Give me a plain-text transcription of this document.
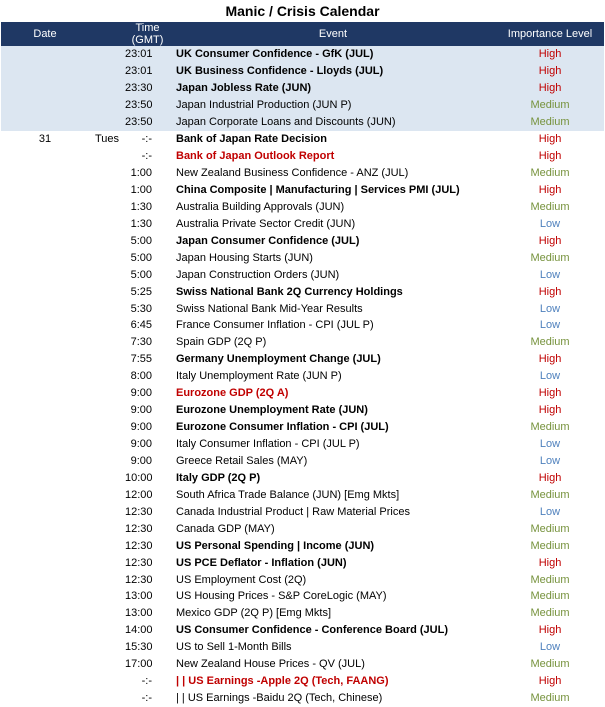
Manic / Crisis Calendar
Date		Time (GMT)	Event	Importance Level
		23:01	UK Consumer Confidence - GfK (JUL)	High
		23:01	UK Business Confidence - Lloyds (JUL)	High
		23:30	Japan Jobless Rate (JUN)	High
		23:50	Japan Industrial Production (JUN P)	Medium
		23:50	Japan Corporate Loans and Discounts (JUN)	Medium
31	Tues	-:-	Bank of Japan Rate Decision	High
		-:-	Bank of Japan Outlook Report	High
		1:00	New Zealand Business Confidence - ANZ (JUL)	Medium
		1:00	China Composite | Manufacturing | Services PMI (JUL)	High
		1:30	Australia Building Approvals (JUN)	Medium
		1:30	Australia Private Sector Credit (JUN)	Low
		5:00	Japan Consumer Confidence (JUL)	High
		5:00	Japan Housing Starts (JUN)	Medium
		5:00	Japan Construction Orders (JUN)	Low
		5:25	Swiss National Bank 2Q Currency Holdings	High
		5:30	Swiss National Bank Mid-Year Results	Low
		6:45	France Consumer Inflation - CPI (JUL P)	Low
		7:30	Spain GDP (2Q P)	Medium
		7:55	Germany Unemployment Change (JUL)	High
		8:00	Italy Unemployment Rate (JUN P)	Low
		9:00	Eurozone GDP (2Q A)	High
		9:00	Eurozone Unemployment Rate (JUN)	High
		9:00	Eurozone Consumer Inflation - CPI (JUL)	Medium
		9:00	Italy Consumer Inflation - CPI (JUL P)	Low
		9:00	Greece Retail Sales (MAY)	Low
		10:00	Italy GDP (2Q P)	High
		12:00	South Africa Trade Balance (JUN) [Emg Mkts]	Medium
		12:30	Canada Industrial Product | Raw Material Prices	Low
		12:30	Canada GDP (MAY)	Medium
		12:30	US Personal Spending | Income (JUN)	Medium
		12:30	US PCE Deflator - Inflation (JUN)	High
		12:30	US Employment Cost (2Q)	Medium
		13:00	US Housing Prices - S&P CoreLogic (MAY)	Medium
		13:00	Mexico GDP (2Q P) [Emg Mkts]	Medium
		14:00	US Consumer Confidence - Conference Board (JUL)	High
		15:30	US to Sell 1-Month Bills	Low
		17:00	New Zealand House Prices - QV (JUL)	Medium
		-:-	| | US Earnings -Apple 2Q (Tech, FAANG)	High
		-:-	| | US Earnings -Baidu 2Q (Tech, Chinese)	Medium
